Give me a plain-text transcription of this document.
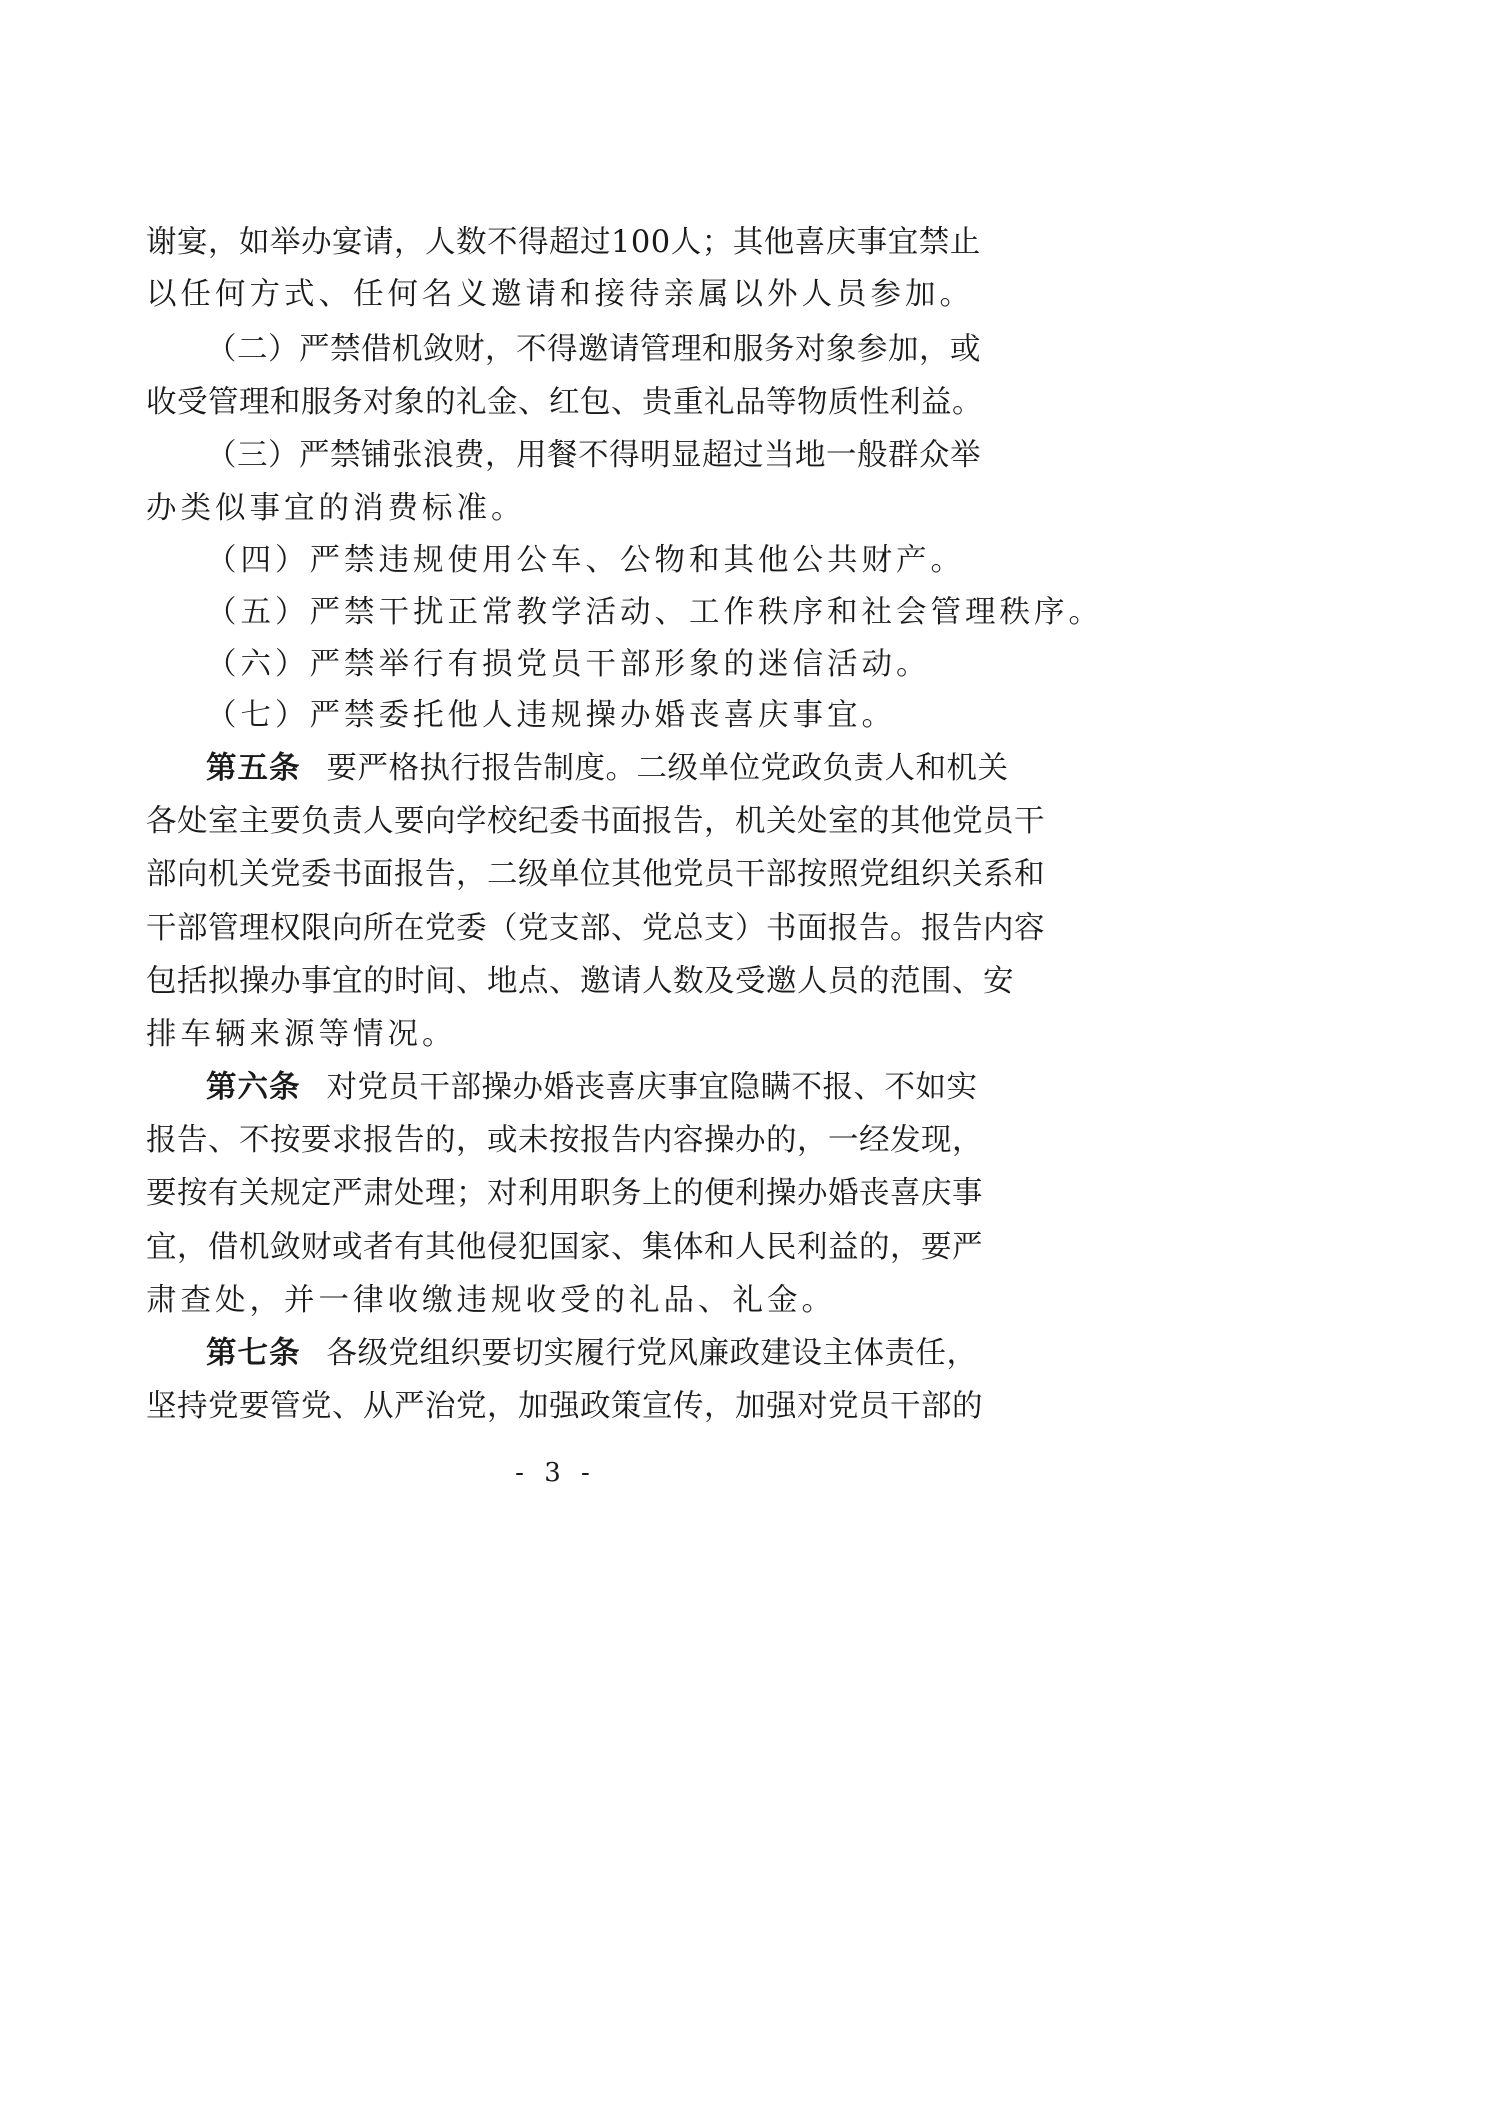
谢宴，如举办宴请，人数不得超过100人；其他喜庆事宜禁止
以任何方式、任何名义邀请和接待亲属以外人员参加。
（二）严禁借机敛财，不得邀请管理和服务对象参加，或
收受管理和服务对象的礼金、红包、贵重礼品等物质性利益。
（三）严禁铺张浪费，用餐不得明显超过当地一般群众举
办类似事宜的消费标准。
（四）严禁违规使用公车、公物和其他公共财产。
（五）严禁干扰正常教学活动、工作秩序和社会管理秩序。
（六）严禁举行有损党员干部形象的迷信活动。
（七）严禁委托他人违规操办婚丧喜庆事宜。
第五条 要严格执行报告制度。二级单位党政负责人和机关
各处室主要负责人要向学校纪委书面报告，机关处室的其他党员干
部向机关党委书面报告，二级单位其他党员干部按照党组织关系和
干部管理权限向所在党委（党支部、党总支）书面报告。报告内容
包括拟操办事宜的时间、地点、邀请人数及受邀人员的范围、安
排车辆来源等情况。
第六条 对党员干部操办婚丧喜庆事宜隐瞒不报、不如实
报告、不按要求报告的，或未按报告内容操办的，一经发现，
要按有关规定严肃处理；对利用职务上的便利操办婚丧喜庆事
宜，借机敛财或者有其他侵犯国家、集体和人民利益的，要严
肃查处，并一律收缴违规收受的礼品、礼金。
第七条 各级党组织要切实履行党风廉政建设主体责任，
坚持党要管党、从严治党，加强政策宣传，加强对党员干部的
- 3 -
